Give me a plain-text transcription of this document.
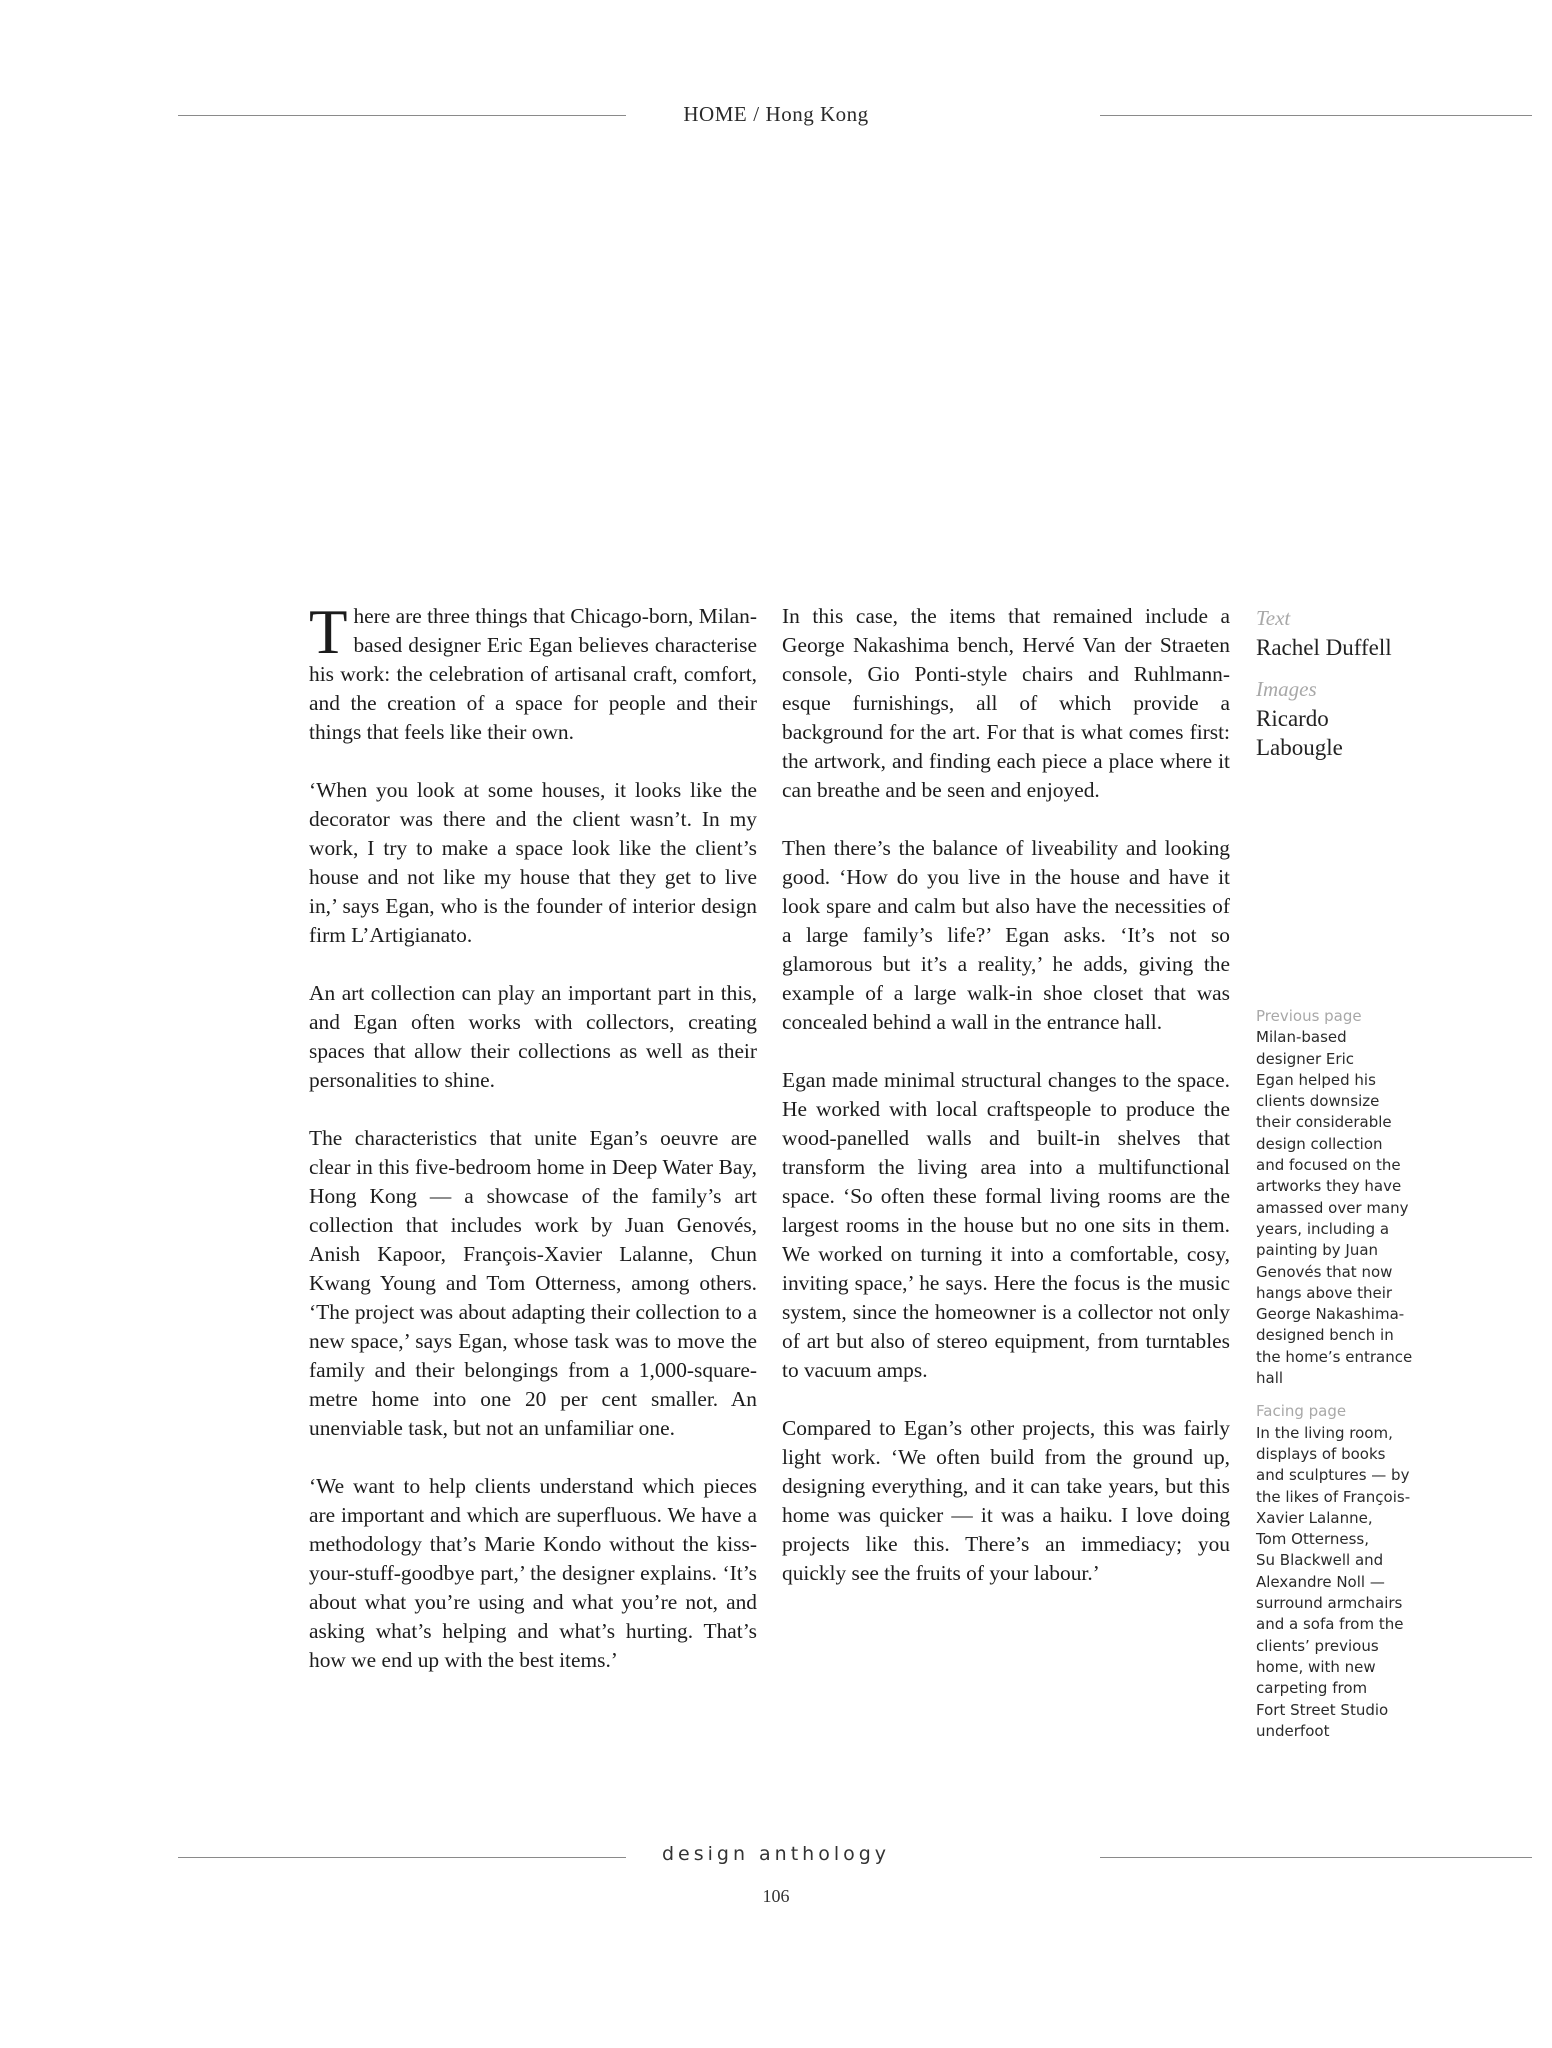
HOME / Hong Kong

There are three things that Chicago-born, Milan-based designer Eric Egan believes characterise his work: the celebration of artisanal craft, comfort, and the creation of a space for people and their things that feels like their own.

‘When you look at some houses, it looks like the decorator was there and the client wasn’t. In my work, I try to make a space look like the client’s house and not like my house that they get to live in,’ says Egan, who is the founder of interior design firm L’Artigianato.

An art collection can play an important part in this, and Egan often works with collectors, creating spaces that allow their collections as well as their personalities to shine.

The characteristics that unite Egan’s oeuvre are clear in this five-bedroom home in Deep Water Bay, Hong Kong — a showcase of the family’s art collection that includes work by Juan Genovés, Anish Kapoor, François-Xavier Lalanne, Chun Kwang Young and Tom Otterness, among others. ‘The project was about adapting their collection to a new space,’ says Egan, whose task was to move the family and their belongings from a 1,000-square-metre home into one 20 per cent smaller. An unenviable task, but not an unfamiliar one.

‘We want to help clients understand which pieces are important and which are superfluous. We have a methodology that’s Marie Kondo without the kiss-your-stuff-goodbye part,’ the designer explains. ‘It’s about what you’re using and what you’re not, and asking what’s helping and what’s hurting. That’s how we end up with the best items.’

In this case, the items that remained include a George Nakashima bench, Hervé Van der Straeten console, Gio Ponti-style chairs and Ruhlmann-esque furnishings, all of which provide a background for the art. For that is what comes first: the artwork, and finding each piece a place where it can breathe and be seen and enjoyed.

Then there’s the balance of liveability and looking good. ‘How do you live in the house and have it look spare and calm but also have the necessities of a large family’s life?’ Egan asks. ‘It’s not so glamorous but it’s a reality,’ he adds, giving the example of a large walk-in shoe closet that was concealed behind a wall in the entrance hall.

Egan made minimal structural changes to the space. He worked with local craftspeople to produce the wood-panelled walls and built-in shelves that transform the living area into a multifunctional space. ‘So often these formal living rooms are the largest rooms in the house but no one sits in them. We worked on turning it into a comfortable, cosy, inviting space,’ he says. Here the focus is the music system, since the homeowner is a collector not only of art but also of stereo equipment, from turntables to vacuum amps.

Compared to Egan’s other projects, this was fairly light work. ‘We often build from the ground up, designing everything, and it can take years, but this home was quicker — it was a haiku. I love doing projects like this. There’s an immediacy; you quickly see the fruits of your labour.’

Text
Rachel Duffell
Images
Ricardo
Labougle
Previous page
Milan-based
designer Eric
Egan helped his
clients downsize
their considerable
design collection
and focused on the
artworks they have
amassed over many
years, including a
painting by Juan
Genovés that now
hangs above their
George Nakashima-
designed bench in
the home’s entrance
hall
Facing page
In the living room,
displays of books
and sculptures — by
the likes of François-
Xavier Lalanne,
Tom Otterness,
Su Blackwell and
Alexandre Noll —
surround armchairs
and a sofa from the
clients’ previous
home, with new
carpeting from
Fort Street Studio
underfoot
design anthology
106
